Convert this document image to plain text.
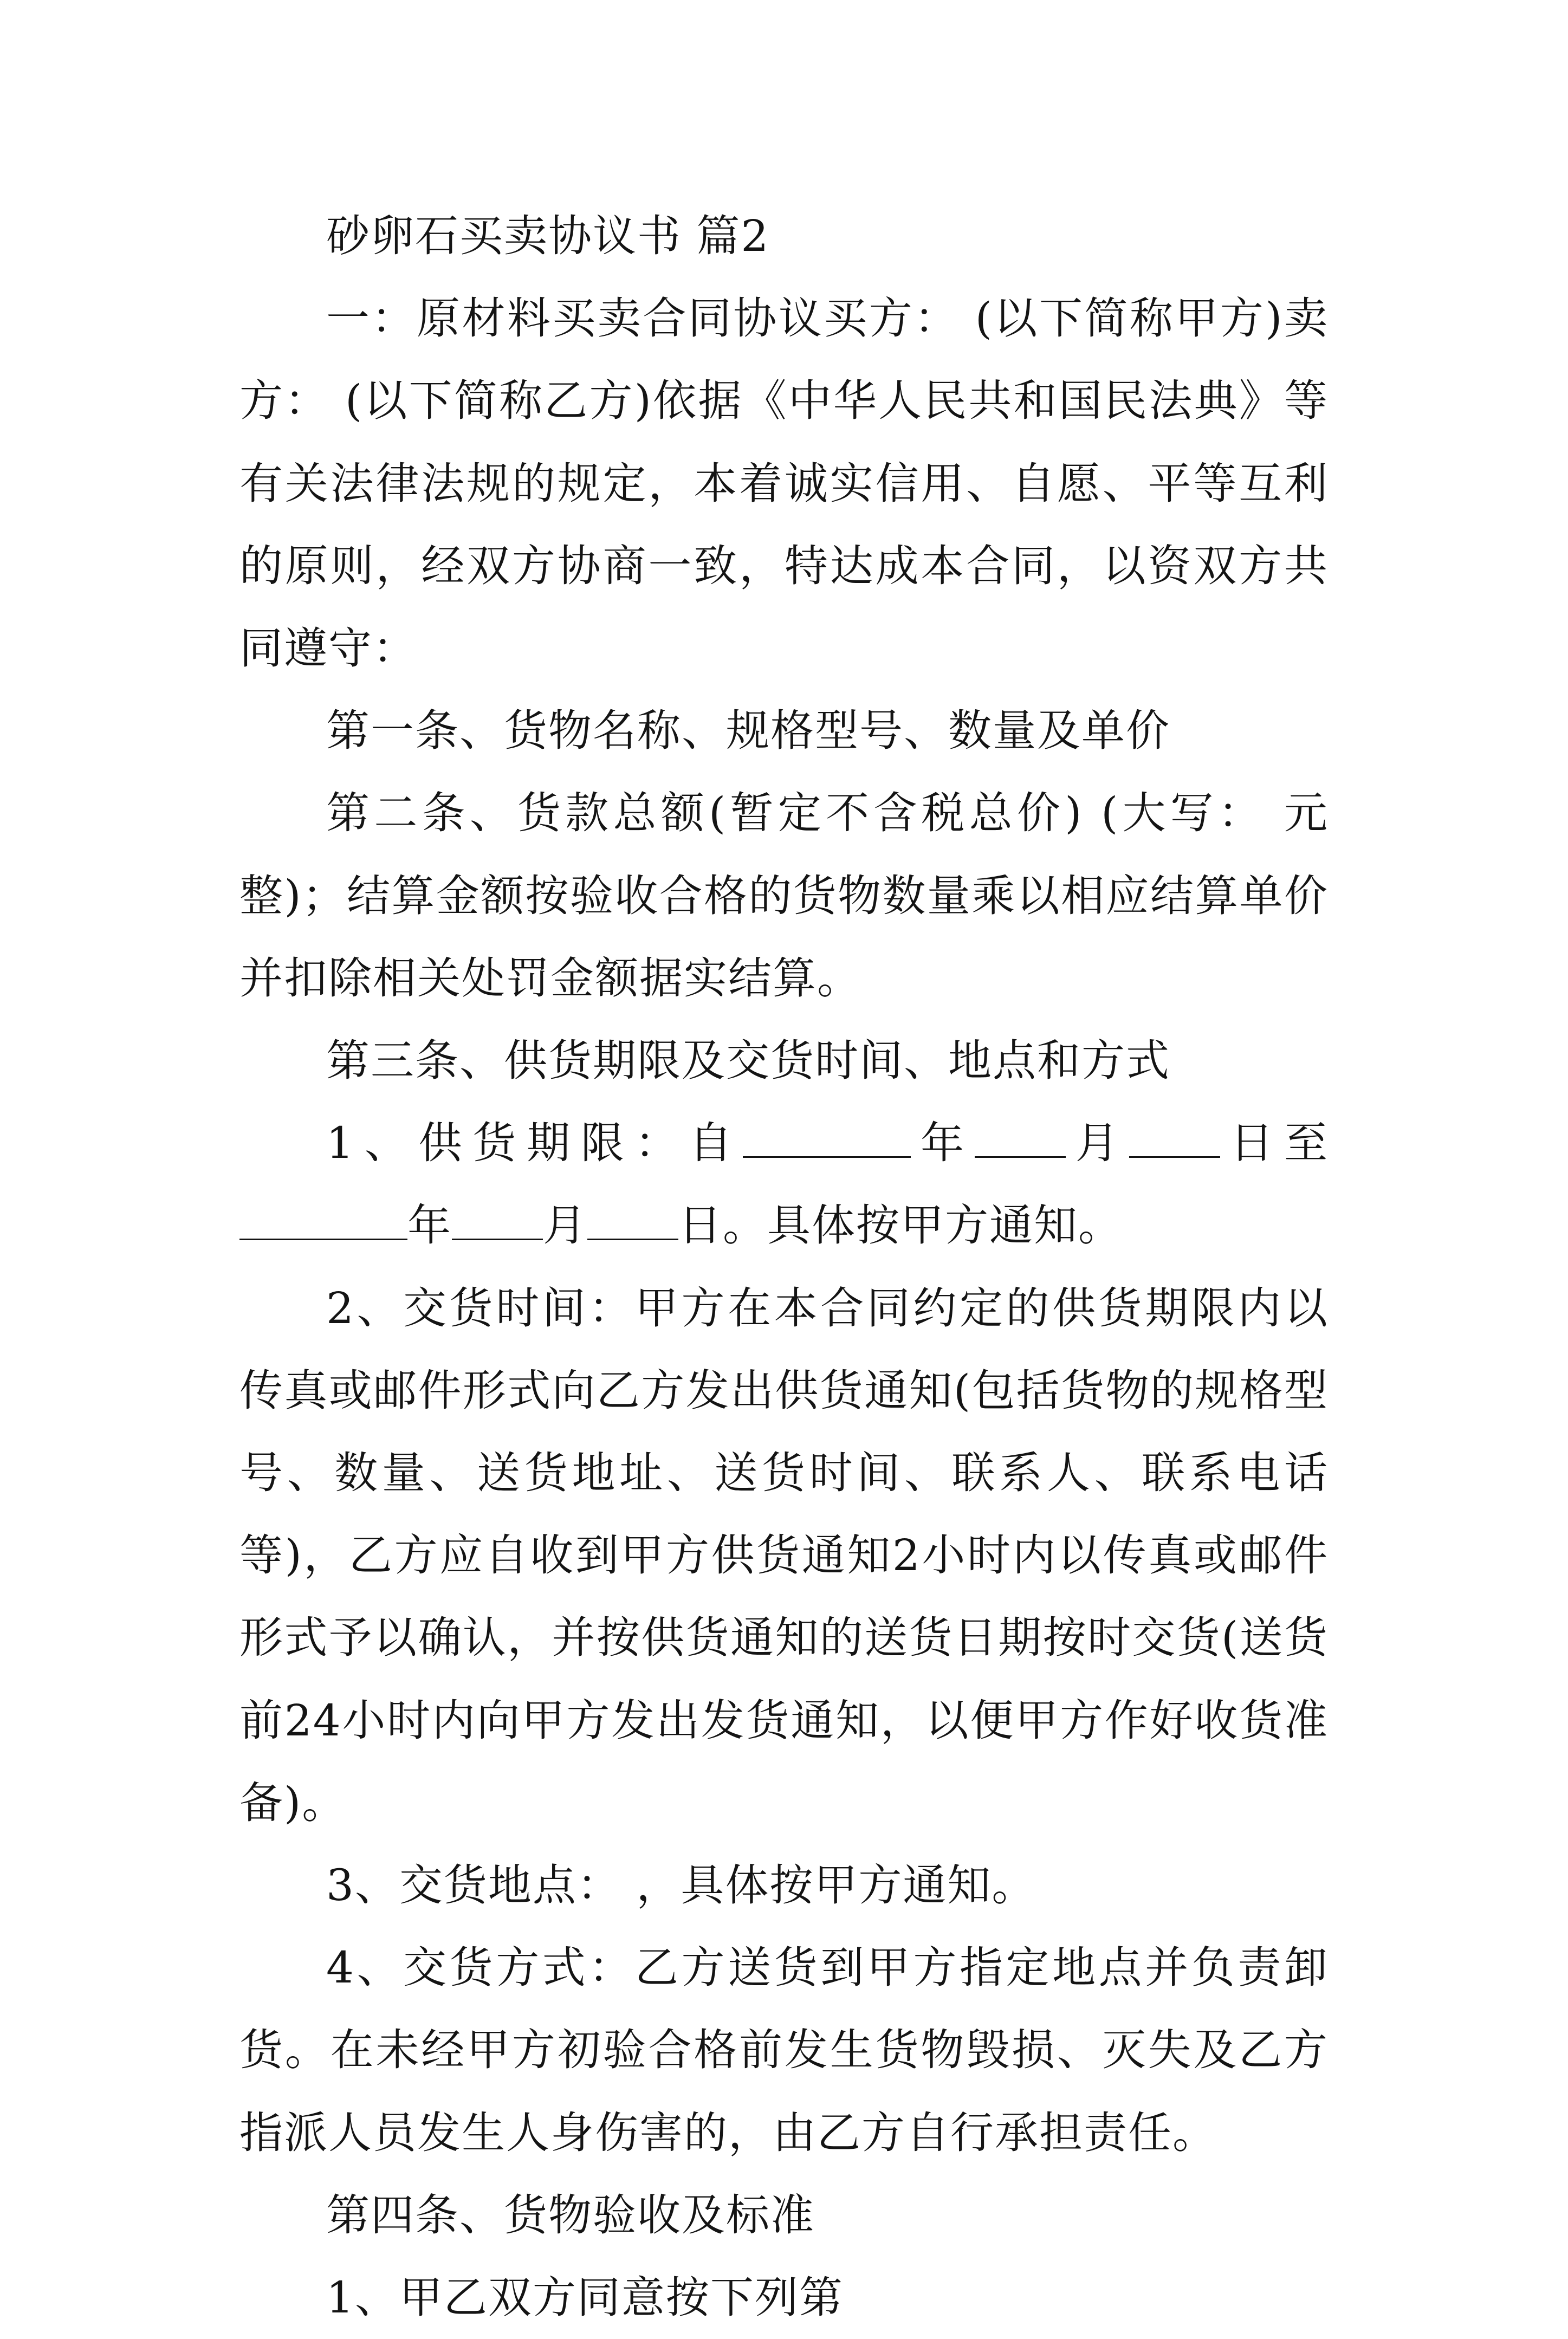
砂卵石买卖协议书 篇2

一：原材料买卖合同协议买方： (以下简称甲方)卖方： (以下简称乙方)依据《中华人民共和国民法典》等有关法律法规的规定，本着诚实信用、自愿、平等互利的原则，经双方协商一致，特达成本合同，以资双方共同遵守：

第一条、货物名称、规格型号、数量及单价

第二条、货款总额(暂定不含税总价) (大写： 元整)；结算金额按验收合格的货物数量乘以相应结算单价并扣除相关处罚金额据实结算。

第三条、供货期限及交货时间、地点和方式

1、供货期限：自	年 月 日至年 月 日。具体按甲方通知。

2、交货时间：甲方在本合同约定的供货期限内以传真或邮件形式向乙方发出供货通知(包括货物的规格型号、数量、送货地址、送货时间、联系人、联系电话等)，乙方应自收到甲方供货通知2小时内以传真或邮件形式予以确认，并按供货通知的送货日期按时交货(送货前24小时内向甲方发出发货通知，以便甲方作好收货准备)。

3、交货地点： ，具体按甲方通知。

4、交货方式：乙方送货到甲方指定地点并负责卸货。在未经甲方初验合格前发生货物毁损、灭失及乙方指派人员发生人身伤害的，由乙方自行承担责任。

第四条、货物验收及标准

1、甲乙双方同意按下列第
